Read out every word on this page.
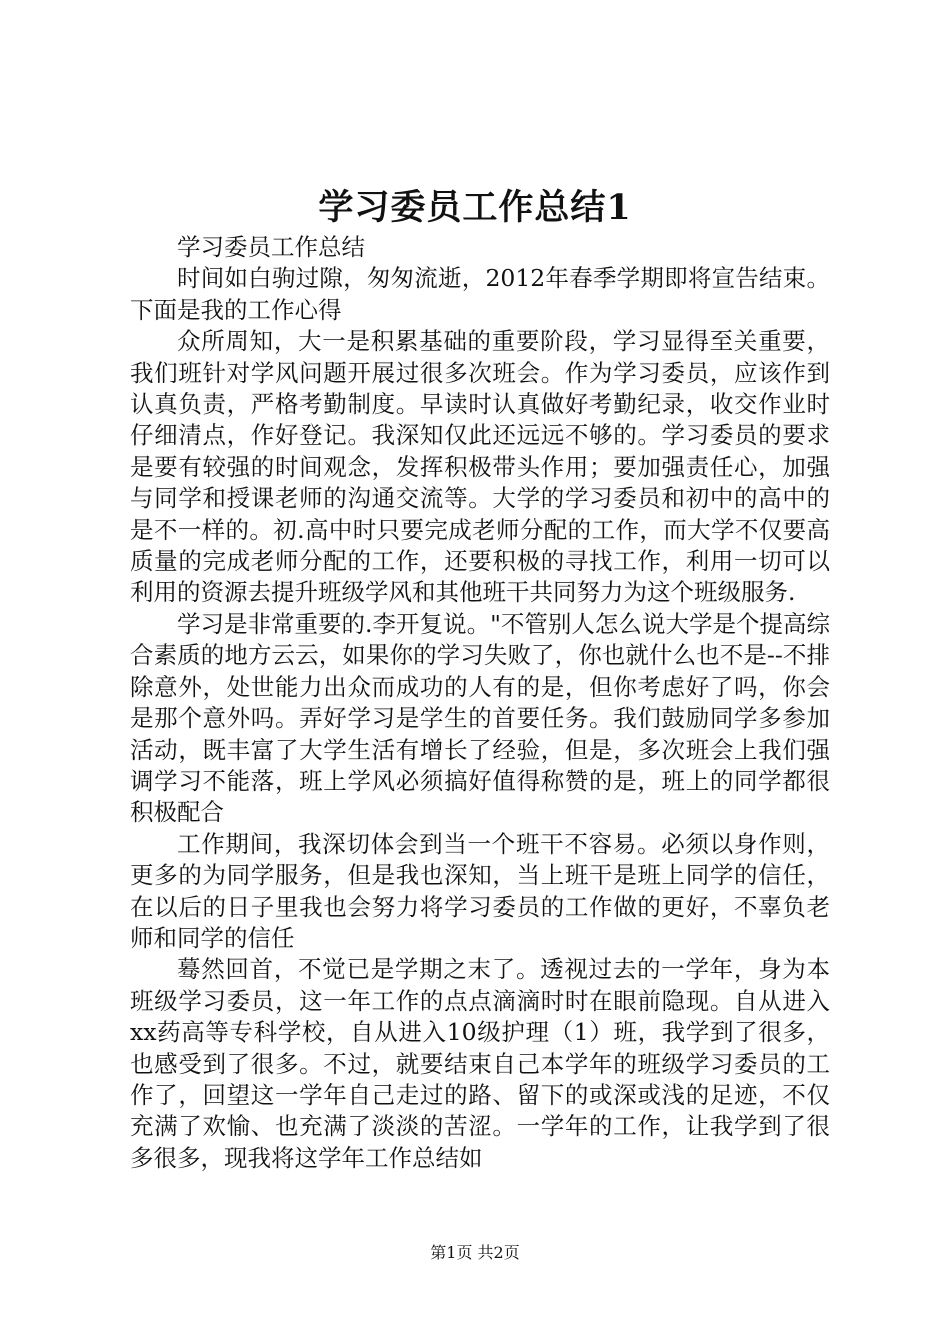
学习委员工作总结1

学习委员工作总结

时间如白驹过隙，匆匆流逝，2012年春季学期即将宣告结束。下面是我的工作心得

众所周知，大一是积累基础的重要阶段，学习显得至关重要，我们班针对学风问题开展过很多次班会。作为学习委员，应该作到认真负责，严格考勤制度。早读时认真做好考勤纪录，收交作业时仔细清点，作好登记。我深知仅此还远远不够的。学习委员的要求是要有较强的时间观念，发挥积极带头作用；要加强责任心，加强与同学和授课老师的沟通交流等。大学的学习委员和初中的高中的是不一样的。初.高中时只要完成老师分配的工作，而大学不仅要高质量的完成老师分配的工作，还要积极的寻找工作，利用一切可以利用的资源去提升班级学风和其他班干共同努力为这个班级服务.

学习是非常重要的.李开复说。"不管别人怎么说大学是个提高综合素质的地方云云，如果你的学习失败了，你也就什么也不是--不排除意外，处世能力出众而成功的人有的是，但你考虑好了吗，你会是那个意外吗。弄好学习是学生的首要任务。我们鼓励同学多参加活动，既丰富了大学生活有增长了经验，但是，多次班会上我们强调学习不能落，班上学风必须搞好值得称赞的是，班上的同学都很积极配合

工作期间，我深切体会到当一个班干不容易。必须以身作则，更多的为同学服务，但是我也深知，当上班干是班上同学的信任，在以后的日子里我也会努力将学习委员的工作做的更好，不辜负老师和同学的信任

蓦然回首，不觉已是学期之末了。透视过去的一学年，身为本班级学习委员，这一年工作的点点滴滴时时在眼前隐现。自从进入xx药高等专科学校，自从进入10级护理（1）班，我学到了很多，也感受到了很多。不过，就要结束自己本学年的班级学习委员的工作了，回望这一学年自己走过的路、留下的或深或浅的足迹，不仅充满了欢愉、也充满了淡淡的苦涩。一学年的工作，让我学到了很多很多，现我将这学年工作总结如

第1页 共2页
